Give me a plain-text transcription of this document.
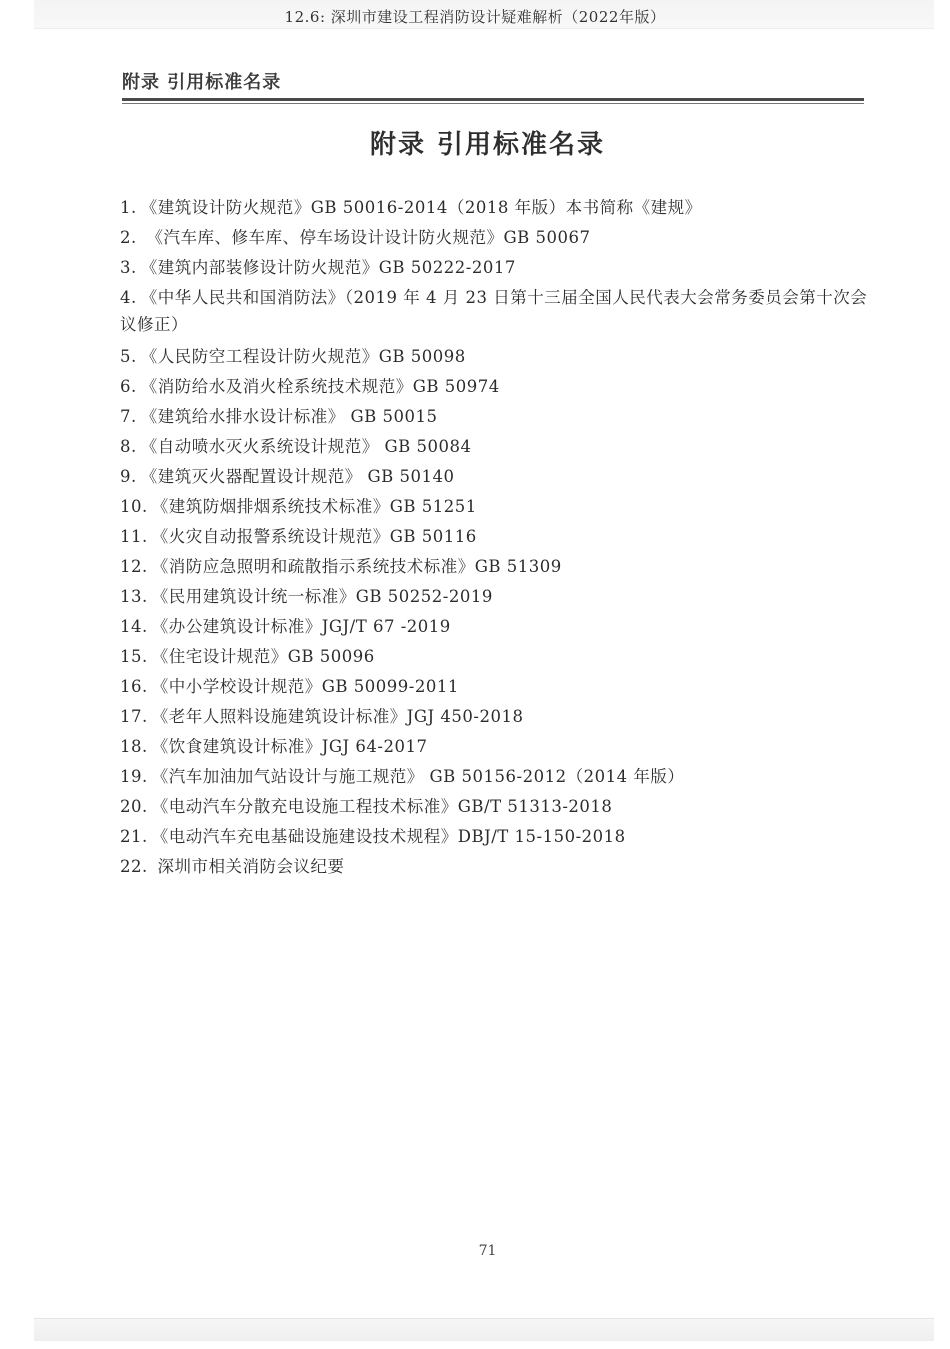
12.6: 深圳市建设工程消防设计疑难解析（2022年版）
附录 引用标准名录
附录 引用标准名录
1. 《建筑设计防火规范》GB 50016-2014（2018 年版）本书简称《建规》
2. 《汽车库、修车库、停车场设计设计防火规范》GB 50067
3. 《建筑内部装修设计防火规范》GB 50222-2017
4. 《中华人民共和国消防法》（2019 年 4 月 23 日第十三届全国人民代表大会常务委员会第十次会议修正）
5. 《人民防空工程设计防火规范》GB 50098
6. 《消防给水及消火栓系统技术规范》GB 50974
7. 《建筑给水排水设计标准》 GB 50015
8. 《自动喷水灭火系统设计规范》 GB 50084
9. 《建筑灭火器配置设计规范》 GB 50140
10. 《建筑防烟排烟系统技术标准》GB 51251
11. 《火灾自动报警系统设计规范》GB 50116
12. 《消防应急照明和疏散指示系统技术标准》GB 51309
13. 《民用建筑设计统一标准》GB 50252-2019
14. 《办公建筑设计标准》JGJ/T 67 -2019
15. 《住宅设计规范》GB 50096
16. 《中小学校设计规范》GB 50099-2011
17. 《老年人照料设施建筑设计标准》JGJ 450-2018
18. 《饮食建筑设计标准》JGJ 64-2017
19. 《汽车加油加气站设计与施工规范》 GB 50156-2012（2014 年版）
20. 《电动汽车分散充电设施工程技术标准》GB/T 51313-2018
21. 《电动汽车充电基础设施建设技术规程》DBJ/T 15-150-2018
22. 深圳市相关消防会议纪要
71
